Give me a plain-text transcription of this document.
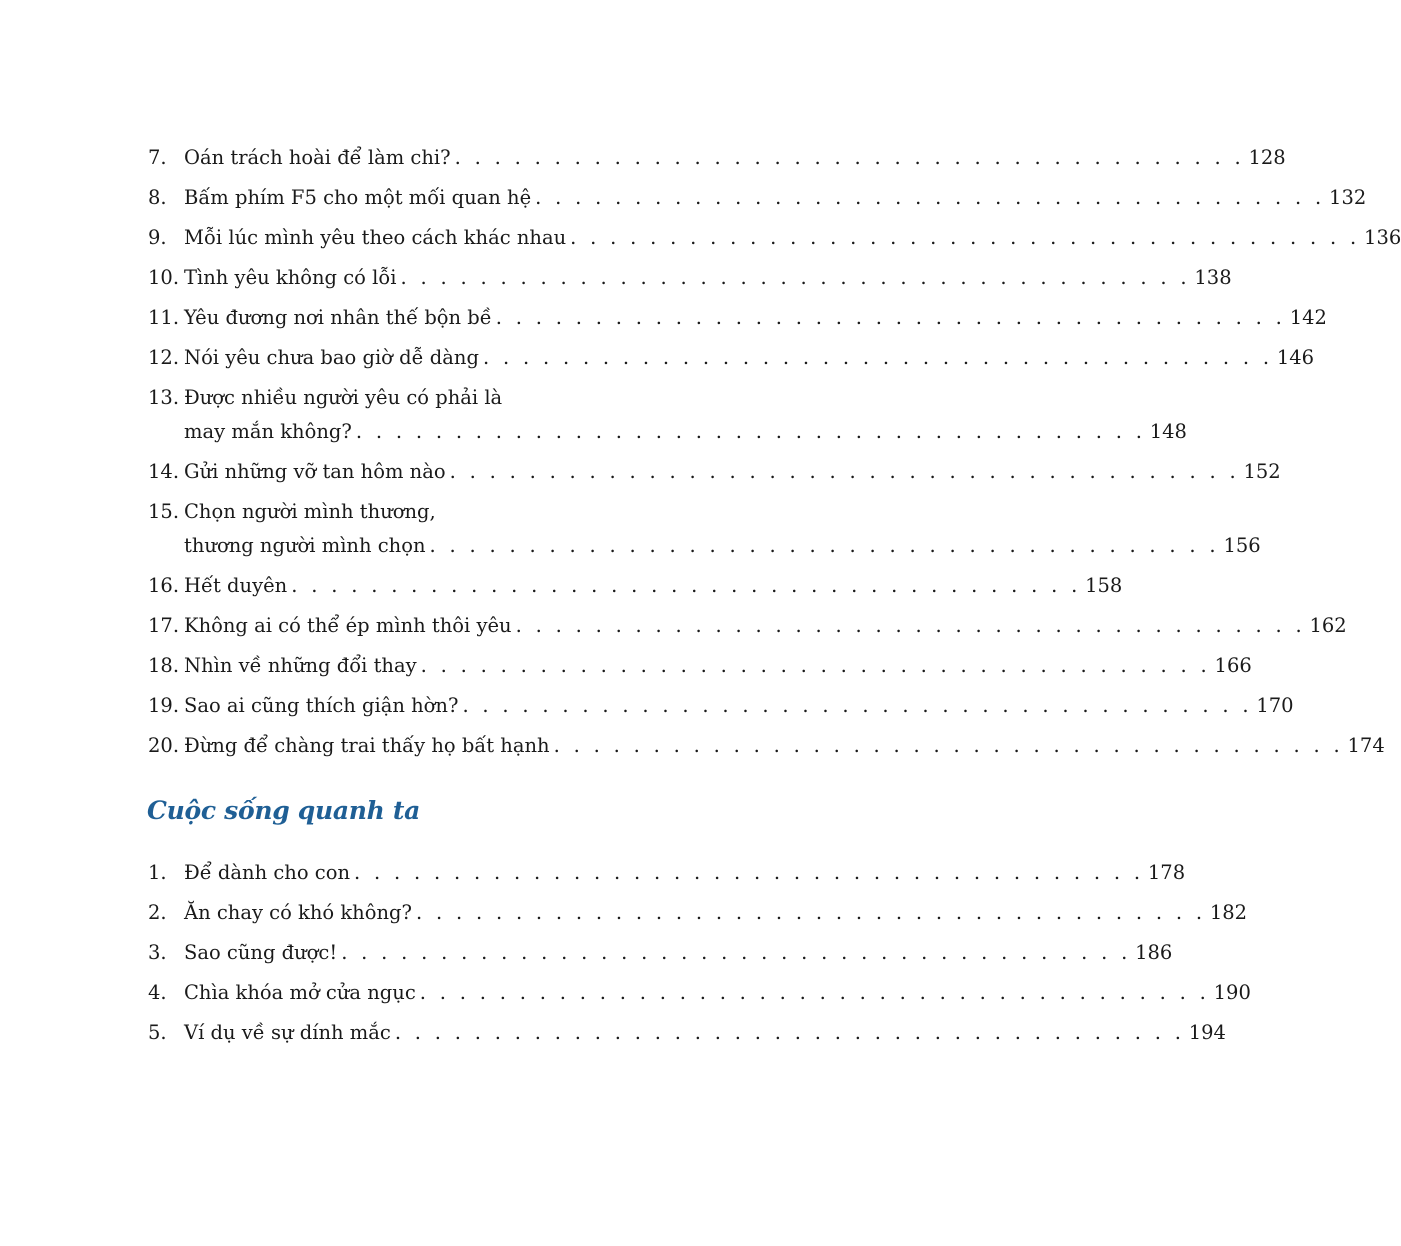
7. Oán trách hoài để làm chi? . . . . . . . . . . . . . . . . . . . . . . . . . . . . . . . . . . . . . . . . 128
8. Bấm phím F5 cho một mối quan hệ . . . . . . . . . . . . . . . . . . . . . . . . . . . . . . . . . . . . . . . . 132
9. Mỗi lúc mình yêu theo cách khác nhau . . . . . . . . . . . . . . . . . . . . . . . . . . . . . . . . . . . . . . . . 136
10. Tình yêu không có lỗi . . . . . . . . . . . . . . . . . . . . . . . . . . . . . . . . . . . . . . . . 138
11. Yêu đương nơi nhân thế bộn bề . . . . . . . . . . . . . . . . . . . . . . . . . . . . . . . . . . . . . . . . 142
12. Nói yêu chưa bao giờ dễ dàng . . . . . . . . . . . . . . . . . . . . . . . . . . . . . . . . . . . . . . . . 146
13. Được nhiều người yêu có phải là
may mắn không? . . . . . . . . . . . . . . . . . . . . . . . . . . . . . . . . . . . . . . . . 148
14. Gửi những vỡ tan hôm nào . . . . . . . . . . . . . . . . . . . . . . . . . . . . . . . . . . . . . . . . 152
15. Chọn người mình thương,
thương người mình chọn . . . . . . . . . . . . . . . . . . . . . . . . . . . . . . . . . . . . . . . . 156
16. Hết duyên . . . . . . . . . . . . . . . . . . . . . . . . . . . . . . . . . . . . . . . . 158
17. Không ai có thể ép mình thôi yêu . . . . . . . . . . . . . . . . . . . . . . . . . . . . . . . . . . . . . . . . 162
18. Nhìn về những đổi thay . . . . . . . . . . . . . . . . . . . . . . . . . . . . . . . . . . . . . . . . 166
19. Sao ai cũng thích giận hờn? . . . . . . . . . . . . . . . . . . . . . . . . . . . . . . . . . . . . . . . . 170
20. Đừng để chàng trai thấy họ bất hạnh . . . . . . . . . . . . . . . . . . . . . . . . . . . . . . . . . . . . . . . . 174
Cuộc sống quanh ta
1. Để dành cho con . . . . . . . . . . . . . . . . . . . . . . . . . . . . . . . . . . . . . . . . 178
2. Ăn chay có khó không? . . . . . . . . . . . . . . . . . . . . . . . . . . . . . . . . . . . . . . . . 182
3. Sao cũng được! . . . . . . . . . . . . . . . . . . . . . . . . . . . . . . . . . . . . . . . . 186
4. Chìa khóa mở cửa ngục . . . . . . . . . . . . . . . . . . . . . . . . . . . . . . . . . . . . . . . . 190
5. Ví dụ về sự dính mắc . . . . . . . . . . . . . . . . . . . . . . . . . . . . . . . . . . . . . . . . 194
